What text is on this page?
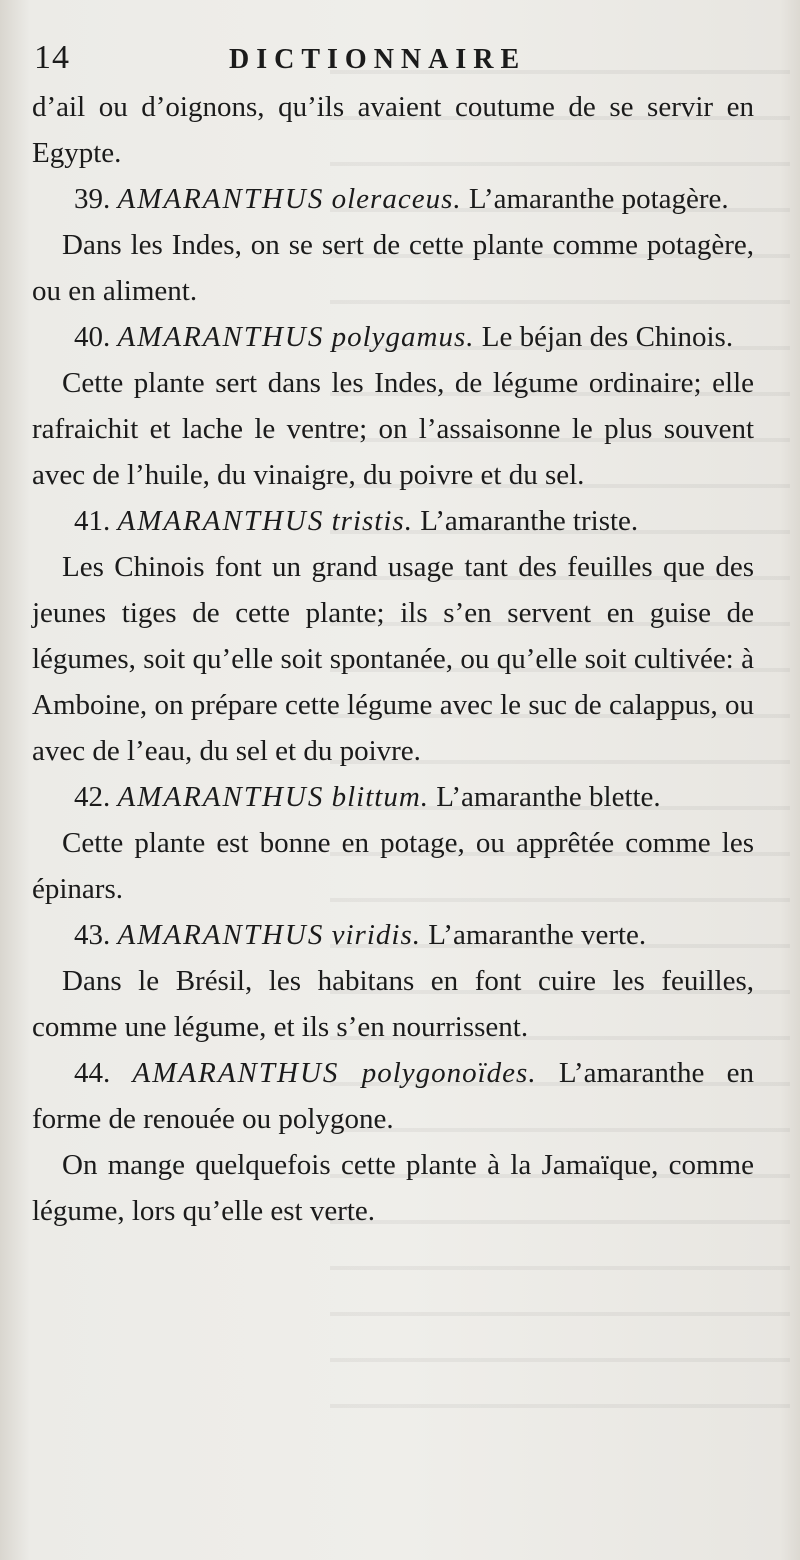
14	DICTIONNAIRE

d’ail ou d’oignons, qu’ils avaient coutume de se servir en Egypte.

39. AMARANTHUS oleraceus. L’amaranthe potagère.

Dans les Indes, on se sert de cette plante comme potagère, ou en aliment.

40. AMARANTHUS polygamus. Le béjan des Chinois.

Cette plante sert dans les Indes, de légume ordinaire; elle rafraichit et lache le ventre; on l’assaisonne le plus souvent avec de l’huile, du vinaigre, du poivre et du sel.

41. AMARANTHUS tristis. L’amaranthe triste.

Les Chinois font un grand usage tant des feuilles que des jeunes tiges de cette plante; ils s’en servent en guise de légumes, soit qu’elle soit spontanée, ou qu’elle soit cultivée: à Amboine, on prépare cette légume avec le suc de calappus, ou avec de l’eau, du sel et du poivre.

42. AMARANTHUS blittum. L’amaranthe blette.

Cette plante est bonne en potage, ou apprêtée comme les épinars.

43. AMARANTHUS viridis. L’amaranthe verte.

Dans le Brésil, les habitans en font cuire les feuilles, comme une légume, et ils s’en nourrissent.

44. AMARANTHUS polygonoïdes. L’amaranthe en forme de renouée ou polygone.

On mange quelquefois cette plante à la Jamaïque, comme légume, lors qu’elle est verte.
